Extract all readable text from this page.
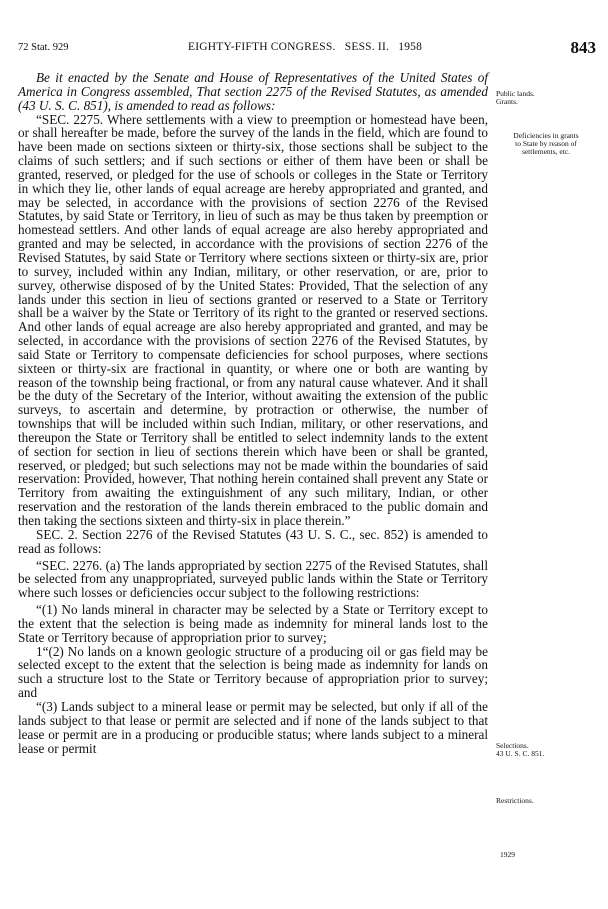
72 Stat. 929	EIGHTY-FIFTH CONGRESS.   SESS. II.   1958	843

Be it enacted by the Senate and House of Representatives of the United States of America in Congress assembled, That section 2275 of the Revised Statutes, as amended (43 U. S. C. 851), is amended to read as follows:

“SEC. 2275. Where settlements with a view to preemption or homestead have been, or shall hereafter be made, before the survey of the lands in the field, which are found to have been made on sections sixteen or thirty-six, those sections shall be subject to the claims of such settlers; and if such sections or either of them have been or shall be granted, reserved, or pledged for the use of schools or colleges in the State or Territory in which they lie, other lands of equal acreage are hereby appropriated and granted, and may be selected, in accordance with the provisions of section 2276 of the Revised Statutes, by said State or Territory, in lieu of such as may be thus taken by preemption or homestead settlers. And other lands of equal acreage are also hereby appropriated and granted and may be selected, in accordance with the provisions of section 2276 of the Revised Statutes, by said State or Territory where sections sixteen or thirty-six are, prior to survey, included within any Indian, military, or other reservation, or are, prior to survey, otherwise disposed of by the United States: Provided, That the selection of any lands under this section in lieu of sections granted or reserved to a State or Territory shall be a waiver by the State or Territory of its right to the granted or reserved sections. And other lands of equal acreage are also hereby appropriated and granted, and may be selected, in accordance with the provisions of section 2276 of the Revised Statutes, by said State or Territory to compensate deficiencies for school purposes, where sections sixteen or thirty-six are fractional in quantity, or where one or both are wanting by reason of the township being fractional, or from any natural cause whatever. And it shall be the duty of the Secretary of the Interior, without awaiting the extension of the public surveys, to ascertain and determine, by protraction or otherwise, the number of townships that will be included within such Indian, military, or other reservations, and thereupon the State or Territory shall be entitled to select indemnity lands to the extent of section for section in lieu of sections therein which have been or shall be granted, reserved, or pledged; but such selections may not be made within the boundaries of said reservation: Provided, however, That nothing herein contained shall prevent any State or Territory from awaiting the extinguishment of any such military, Indian, or other reservation and the restoration of the lands therein embraced to the public domain and then taking the sections sixteen and thirty-six in place therein.”

SEC. 2. Section 2276 of the Revised Statutes (43 U. S. C., sec. 852) is amended to read as follows:

“SEC. 2276. (a) The lands appropriated by section 2275 of the Revised Statutes, shall be selected from any unappropriated, surveyed public lands within the State or Territory where such losses or deficiencies occur subject to the following restrictions:

“(1) No lands mineral in character may be selected by a State or Territory except to the extent that the selection is being made as indemnity for mineral lands lost to the State or Territory because of appropriation prior to survey;

1“(2) No lands on a known geologic structure of a producing oil or gas field may be selected except to the extent that the selection is being made as indemnity for lands on such a structure lost to the State or Territory because of appropriation prior to survey; and

“(3) Lands subject to a mineral lease or permit may be selected, but only if all of the lands subject to that lease or permit are selected and if none of the lands subject to that lease or permit are in a producing or producible status; where lands subject to a mineral lease or permit

Public lands.
Grants.
Deficiencies in grants
to State by reason of
settlements, etc.
Selections.
43 U. S. C. 851.
Restrictions.
1929
